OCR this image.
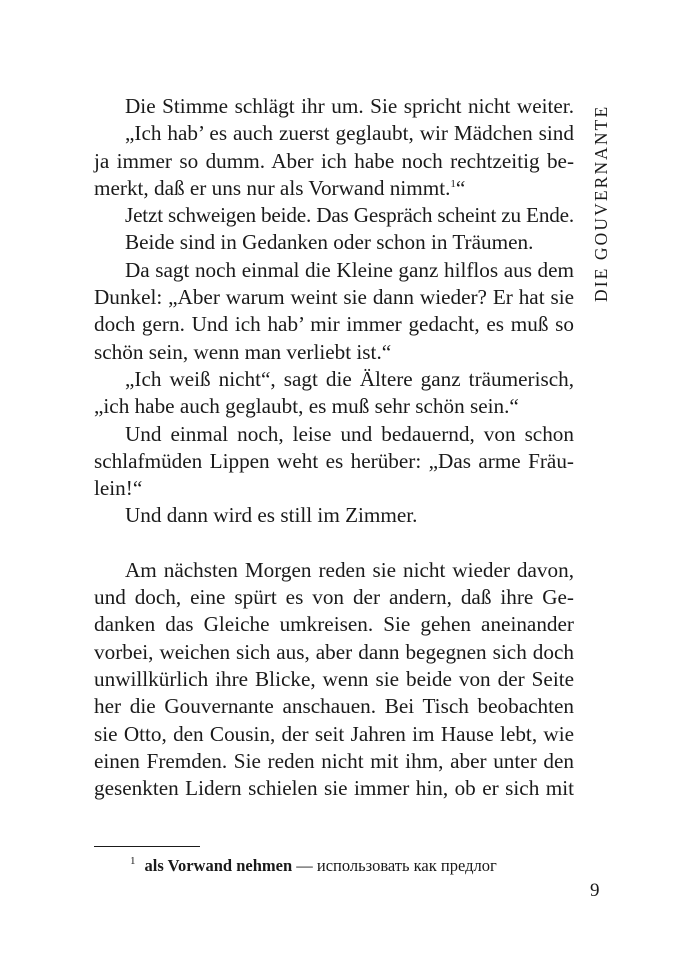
DIE GOUVERNANTE

Die Stimme schlägt ihr um. Sie spricht nicht weiter.

„Ich hab’ es auch zuerst geglaubt, wir Mädchen sind

ja immer so dumm. Aber ich habe noch rechtzeitig be-

merkt, daß er uns nur als Vorwand nimmt.$^1$“

Jetzt schweigen beide. Das Gespräch scheint zu Ende.

Beide sind in Gedanken oder schon in Träumen.

Da sagt noch einmal die Kleine ganz hilflos aus dem

Dunkel: „Aber warum weint sie dann wieder? Er hat sie

doch gern. Und ich hab’ mir immer gedacht, es muß so

schön sein, wenn man verliebt ist.“

„Ich weiß nicht“, sagt die Ältere ganz träumerisch,

„ich habe auch geglaubt, es muß sehr schön sein.“

Und einmal noch, leise und bedauernd, von schon

schlafmüden Lippen weht es herüber: „Das arme Fräu-

lein!“

Und dann wird es still im Zimmer.

Am nächsten Morgen reden sie nicht wieder davon,

und doch, eine spürt es von der andern, daß ihre Ge-

danken das Gleiche umkreisen. Sie gehen aneinander

vorbei, weichen sich aus, aber dann begegnen sich doch

unwillkürlich ihre Blicke, wenn sie beide von der Seite

her die Gouvernante anschauen. Bei Tisch beobachten

sie Otto, den Cousin, der seit Jahren im Hause lebt, wie

einen Fremden. Sie reden nicht mit ihm, aber unter den

gesenkten Lidern schielen sie immer hin, ob er sich mit

$^1$ als Vorwand nehmen — использовать как предлог
9
